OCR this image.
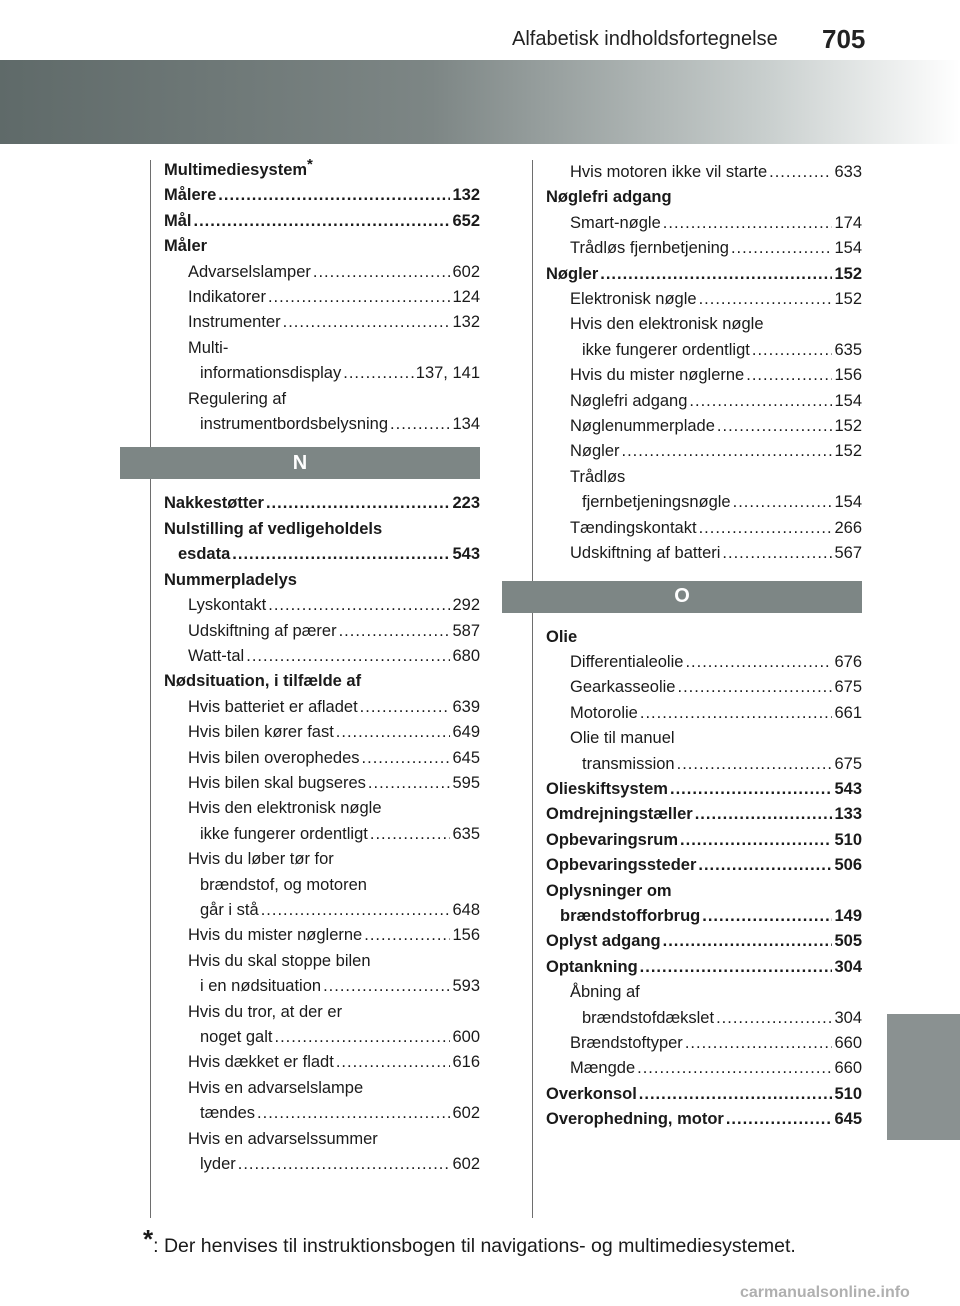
Alfabetisk indholdsfortegnelse 705
Multimediesystem *
Målere .....	132
Mål .....	652
Måler
Advarselslamper .....	602
Indikatorer .....	124
Instrumenter .....	132
Multi-
informationsdisplay .....	137, 141
Regulering af
instrumentbordsbelysning .....	134
N
Nakkestøtter .....	223
Nulstilling af vedligeholdels
esdata .....	543
Nummerpladelys
Lyskontakt .....	292
Udskiftning af pærer .....	587
Watt-tal .....	680
Nødsituation, i tilfælde af
Hvis batteriet er afladet .....	639
Hvis bilen kører fast .....	649
Hvis bilen overophedes .....	645
Hvis bilen skal bugseres .....	595
Hvis den elektronisk nøgle
ikke fungerer ordentligt .....	635
Hvis du løber tør for
brændstof, og motoren
går i stå .....	648
Hvis du mister nøglerne .....	156
Hvis du skal stoppe bilen
i en nødsituation .....	593
Hvis du tror, at der er
noget galt .....	600
Hvis dækket er fladt .....	616
Hvis en advarselslampe
tændes .....	602
Hvis en advarselssummer
lyder .....	602
Hvis motoren ikke vil starte .....	633
Nøglefri adgang
Smart-nøgle .....	174
Trådløs fjernbetjening .....	154
Nøgler .....	152
Elektronisk nøgle .....	152
Hvis den elektronisk nøgle
ikke fungerer ordentligt .....	635
Hvis du mister nøglerne .....	156
Nøglefri adgang .....	154
Nøglenummerplade .....	152
Nøgler .....	152
Trådløs
fjernbetjeningsnøgle .....	154
Tændingskontakt .....	266
Udskiftning af batteri .....	567
O
Olie
Differentialeolie .....	676
Gearkasseolie .....	675
Motorolie .....	661
Olie til manuel
transmission .....	675
Olieskiftsystem .....	543
Omdrejningstæller .....	133
Opbevaringsrum .....	510
Opbevaringssteder .....	506
Oplysninger om
brændstofforbrug .....	149
Oplyst adgang .....	505
Optankning .....	304
Åbning af
brændstofdækslet .....	304
Brændstoftyper .....	660
Mængde .....	660
Overkonsol .....	510
Overophedning, motor .....	645
*: Der henvises til instruktionsbogen til navigations- og multimediesystemet.
carmanualsonline.info
